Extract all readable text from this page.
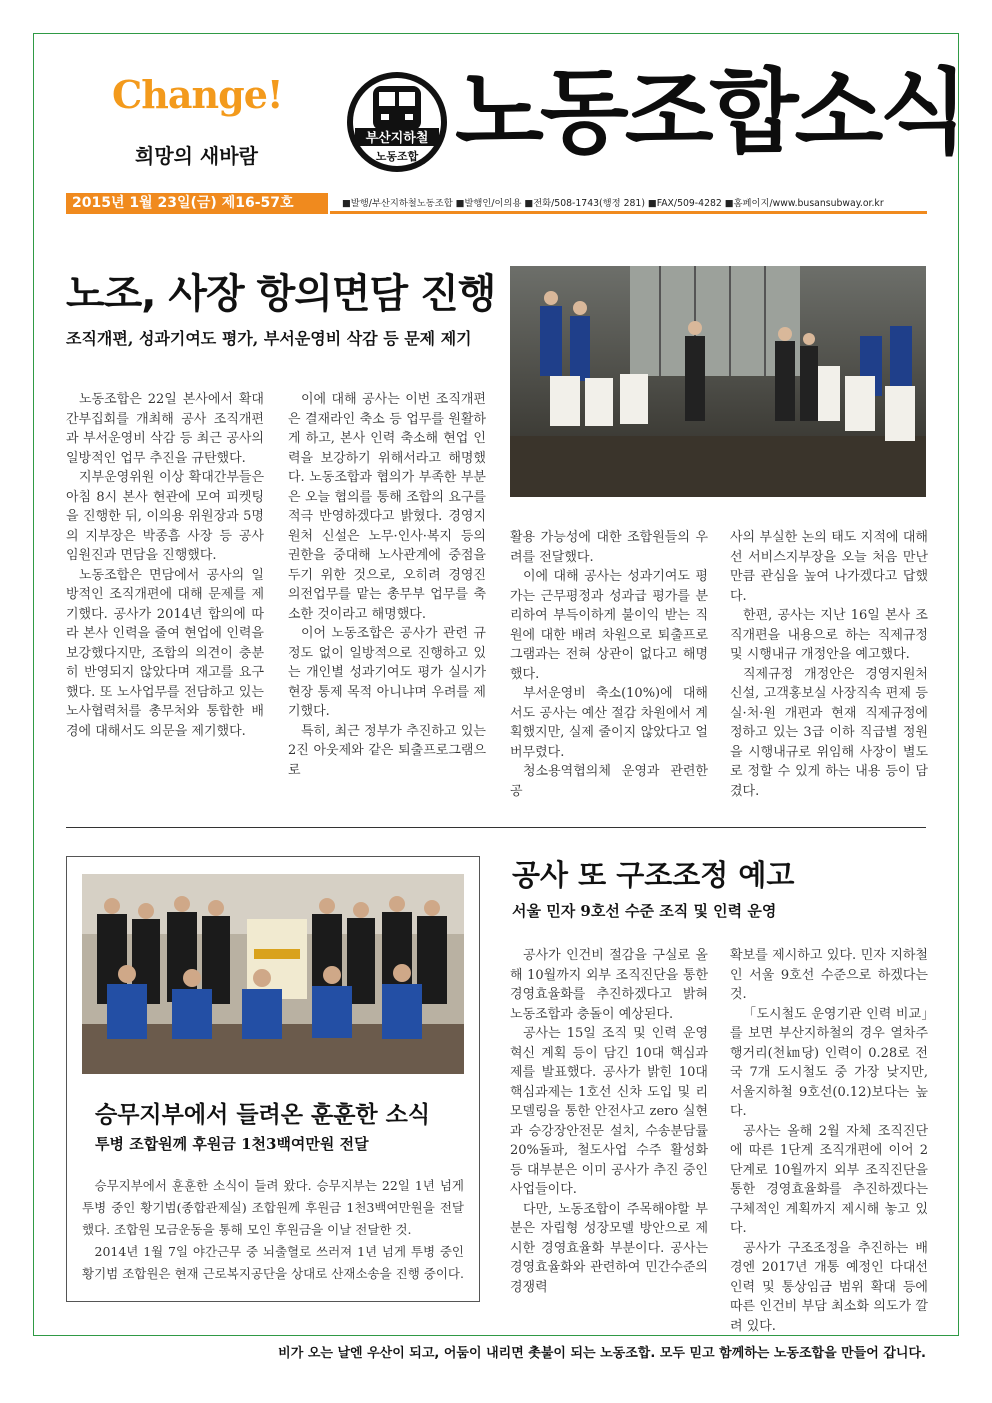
Change!
희망의 새바람
부산지하철
노동조합 노동조합소식
2015년 1월 23일(금) 제16-57호	■발행/부산지하철노동조합 ■발행인/이의용 ■전화/508-1743(행정 281) ■FAX/509-4282 ■홈페이지/www.busansubway.or.kr
노조, 사장 항의면담 진행
조직개편, 성과기여도 평가, 부서운영비 삭감 등 문제 제기

노동조합은 22일 본사에서 확대간부집회를 개최해 공사 조직개편과 부서운영비 삭감 등 최근 공사의 일방적인 업무 추진을 규탄했다.

지부운영위원 이상 확대간부들은 아침 8시 본사 현관에 모여 피켓팅을 진행한 뒤, 이의용 위원장과 5명의 지부장은 박종흠 사장 등 공사 임원진과 면담을 진행했다.

노동조합은 면담에서 공사의 일방적인 조직개편에 대해 문제를 제기했다. 공사가 2014년 합의에 따라 본사 인력을 줄여 현업에 인력을 보강했다지만, 조합의 의견이 충분히 반영되지 않았다며 재고를 요구했다. 또 노사업무를 전담하고 있는 노사협력처를 총무처와 통합한 배경에 대해서도 의문을 제기했다.

이에 대해 공사는 이번 조직개편은 결재라인 축소 등 업무를 원활하게 하고, 본사 인력 축소해 현업 인력을 보강하기 위해서라고 해명했다. 노동조합과 협의가 부족한 부분은 오늘 협의를 통해 조합의 요구를 적극 반영하겠다고 밝혔다. 경영지원처 신설은 노무·인사·복지 등의 권한을 중대해 노사관계에 중점을 두기 위한 것으로, 오히려 경영진 의전업무를 맡는 총무부 업무를 축소한 것이라고 해명했다.

이어 노동조합은 공사가 관련 규정도 없이 일방적으로 진행하고 있는 개인별 성과기여도 평가 실시가 현장 통제 목적 아니냐며 우려를 제기했다.

특히, 최근 정부가 추진하고 있는 2진 아웃제와 같은 퇴출프로그램으로

활용 가능성에 대한 조합원들의 우려를 전달했다.

이에 대해 공사는 성과기여도 평가는 근무평정과 성과급 평가를 분리하여 부득이하게 불이익 받는 직원에 대한 배려 차원으로 퇴출프로그램과는 전혀 상관이 없다고 해명했다.

부서운영비 축소(10%)에 대해서도 공사는 예산 절감 차원에서 계획했지만, 실제 줄이지 않았다고 얼버무렸다.

청소용역협의체 운영과 관련한 공

사의 부실한 논의 태도 지적에 대해 선 서비스지부장을 오늘 처음 만난 만큼 관심을 높여 나가겠다고 답했다.

한편, 공사는 지난 16일 본사 조직개편을 내용으로 하는 직제규정 및 시행내규 개정안을 예고했다.

직제규정 개정안은 경영지원처 신설, 고객홍보실 사장직속 편제 등 실·처·원 개편과 현재 직제규정에 정하고 있는 3급 이하 직급별 정원을 시행내규로 위임해 사장이 별도로 정할 수 있게 하는 내용 등이 담겼다.

승무지부에서 들려온 훈훈한 소식
투병 조합원께 후원금 1천3백여만원 전달

승무지부에서 훈훈한 소식이 들려 왔다. 승무지부는 22일 1년 넘게 투병 중인 황기범(종합관제실) 조합원께 후원금 1천3백여만원을 전달했다. 조합원 모금운동을 통해 모인 후원금을 이날 전달한 것.

2014년 1월 7일 야간근무 중 뇌출혈로 쓰러져 1년 넘게 투병 중인 황기범 조합원은 현재 근로복지공단을 상대로 산재소송을 진행 중이다.

공사 또 구조조정 예고
서울 민자 9호선 수준 조직 및 인력 운영

공사가 인건비 절감을 구실로 올해 10월까지 외부 조직진단을 통한 경영효율화를 추진하겠다고 밝혀 노동조합과 충돌이 예상된다.

공사는 15일 조직 및 인력 운영 혁신 계획 등이 담긴 10대 핵심과제를 발표했다. 공사가 밝힌 10대 핵심과제는 1호선 신차 도입 및 리모델링을 통한 안전사고 zero 실현과 승강장안전문 설치, 수송분담률 20%돌파, 철도사업 수주 활성화 등 대부분은 이미 공사가 추진 중인 사업들이다.

다만, 노동조합이 주목해야할 부분은 자립형 성장모델 방안으로 제시한 경영효율화 부분이다. 공사는 경영효율화와 관련하여 민간수준의 경쟁력

확보를 제시하고 있다. 민자 지하철인 서울 9호선 수준으로 하겠다는 것.

「도시철도 운영기관 인력 비교」를 보면 부산지하철의 경우 열차주행거리(천㎞당) 인력이 0.28로 전국 7개 도시철도 중 가장 낮지만, 서울지하철 9호선(0.12)보다는 높다.

공사는 올해 2월 자체 조직진단에 따른 1단계 조직개편에 이어 2단계로 10월까지 외부 조직진단을 통한 경영효율화를 추진하겠다는 구체적인 계획까지 제시해 놓고 있다.

공사가 구조조정을 추진하는 배경엔 2017년 개통 예정인 다대선 인력 및 통상임금 범위 확대 등에 따른 인건비 부담 최소화 의도가 깔려 있다.

비가 오는 날엔 우산이 되고, 어둠이 내리면 촛불이 되는 노동조합. 모두 믿고 함께하는 노동조합을 만들어 갑니다.
